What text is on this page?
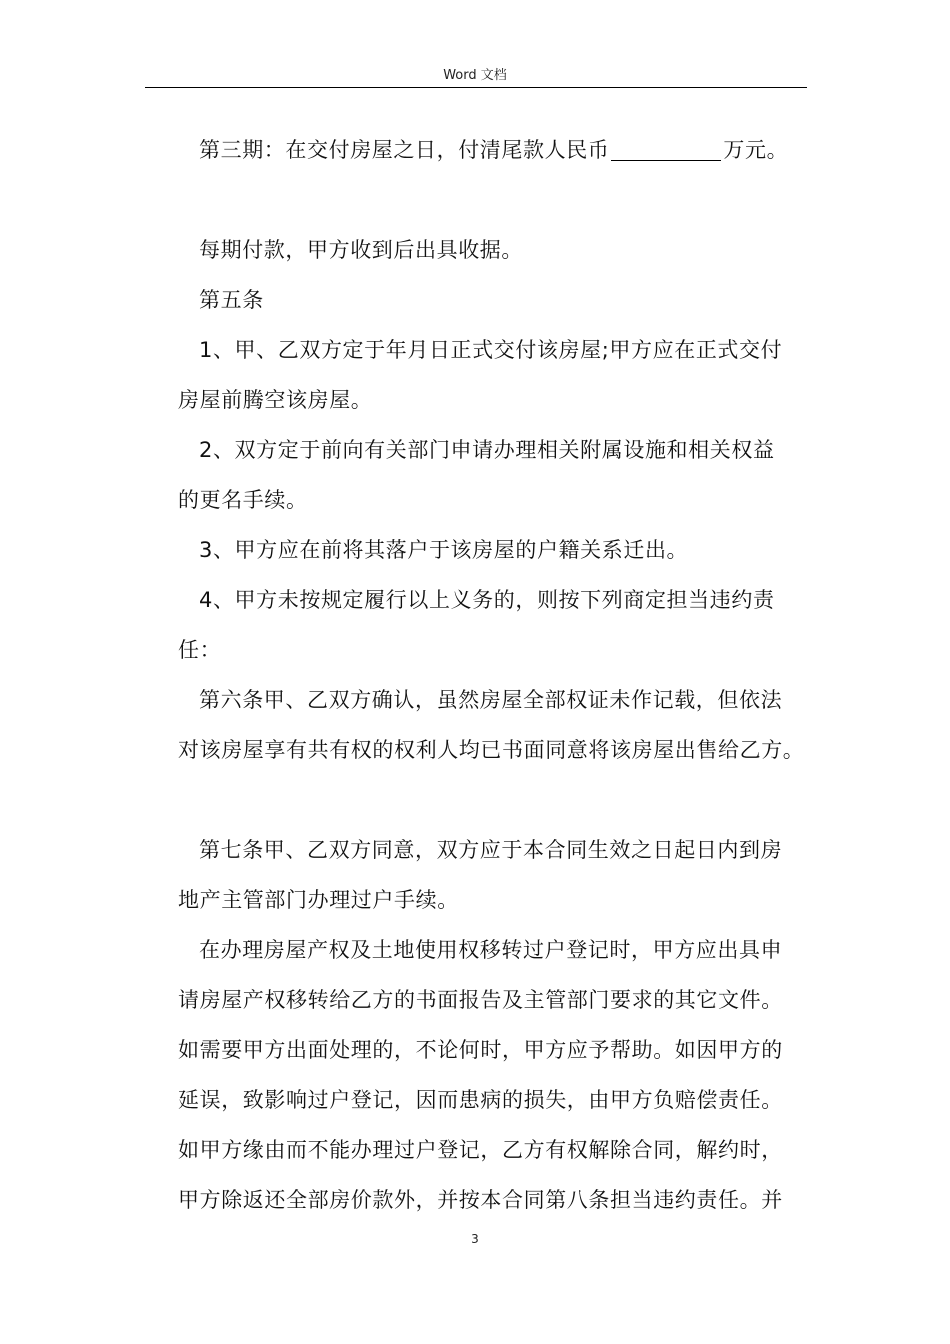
Word 文档
第三期：在交付房屋之日，付清尾款人民币	万元。
每期付款，甲方收到后出具收据。
第五条
1、甲、乙双方定于年月日正式交付该房屋;甲方应在正式交付
房屋前腾空该房屋。
2、双方定于前向有关部门申请办理相关附属设施和相关权益
的更名手续。
3、甲方应在前将其落户于该房屋的户籍关系迁出。
4、甲方未按规定履行以上义务的，则按下列商定担当违约责
任：
第六条甲、乙双方确认，虽然房屋全部权证未作记载，但依法
对该房屋享有共有权的权利人均已书面同意将该房屋出售给乙方。
第七条甲、乙双方同意，双方应于本合同生效之日起日内到房
地产主管部门办理过户手续。
在办理房屋产权及土地使用权移转过户登记时，甲方应出具申
请房屋产权移转给乙方的书面报告及主管部门要求的其它文件。
如需要甲方出面处理的，不论何时，甲方应予帮助。如因甲方的
延误，致影响过户登记，因而患病的损失，由甲方负赔偿责任。
如甲方缘由而不能办理过户登记，乙方有权解除合同，解约时，
甲方除返还全部房价款外，并按本合同第八条担当违约责任。并
3
